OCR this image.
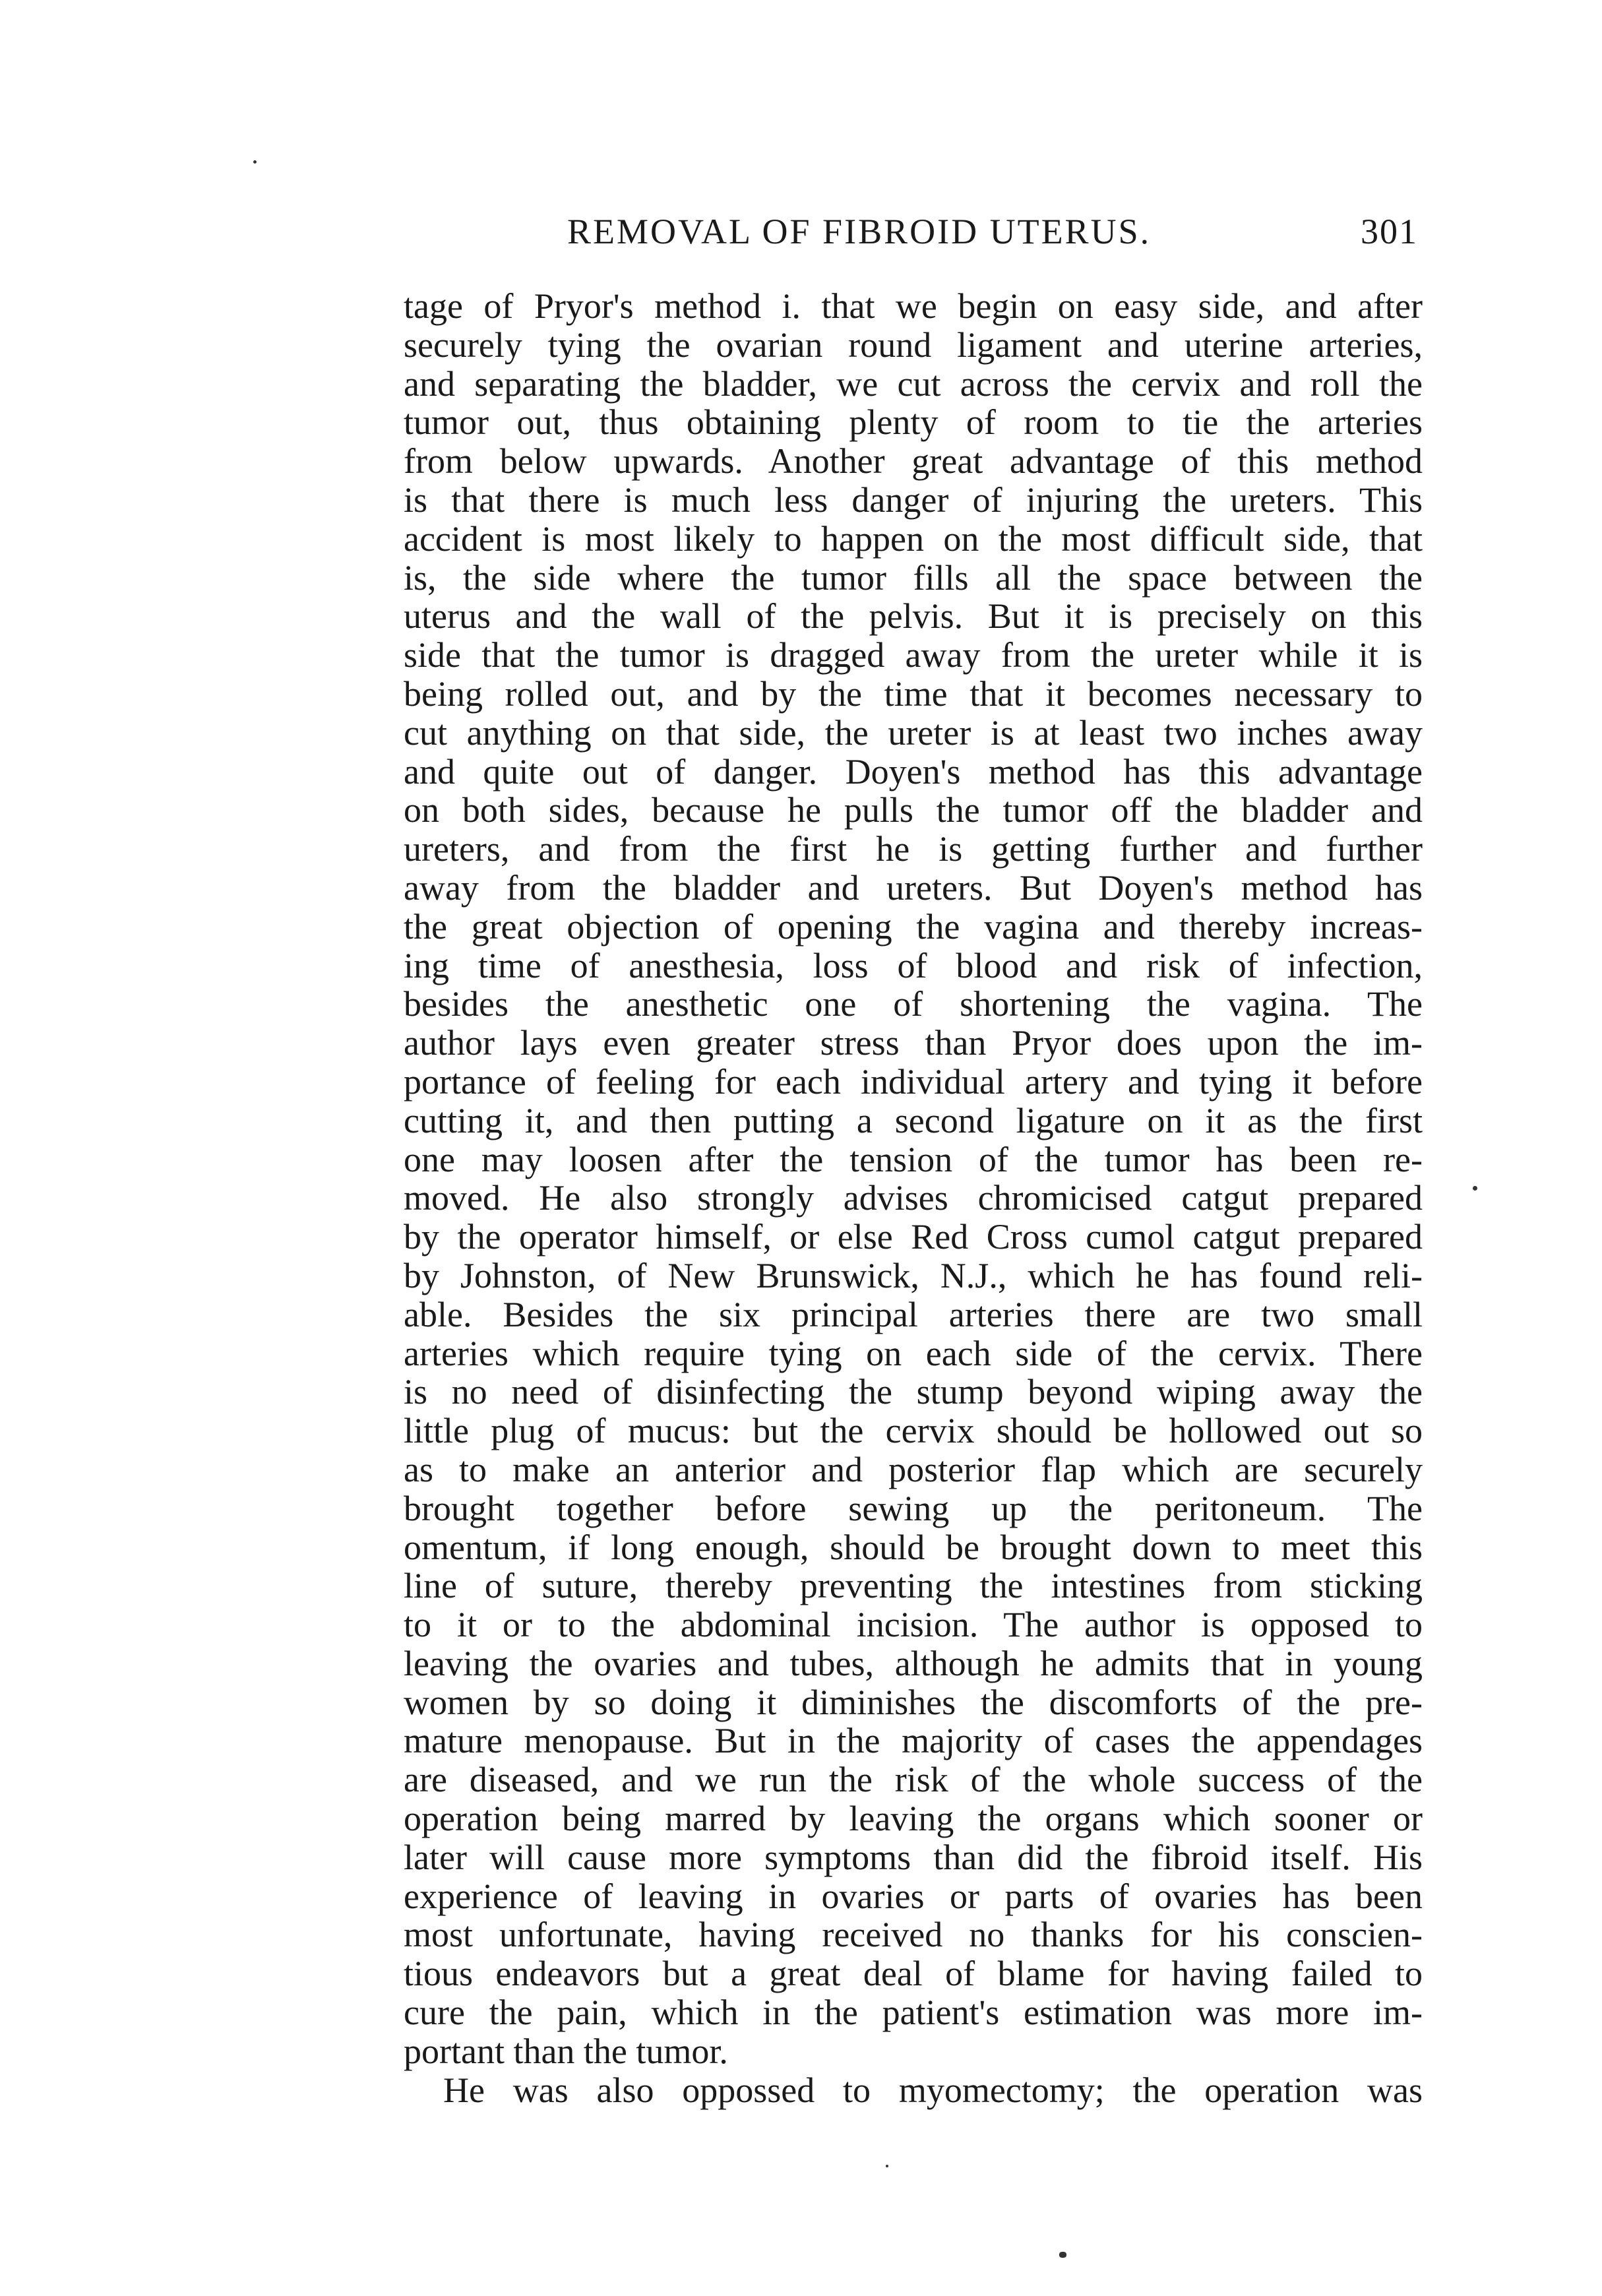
REMOVAL OF FIBROID UTERUS.	301
tage of Pryor's method i. that we begin on easy side, and after
securely tying the ovarian round ligament and uterine arteries,
and separating the bladder, we cut across the cervix and roll the
tumor out, thus obtaining plenty of room to tie the arteries
from below upwards. Another great advantage of this method
is that there is much less danger of injuring the ureters. This
accident is most likely to happen on the most difficult side, that
is, the side where the tumor fills all the space between the
uterus and the wall of the pelvis. But it is precisely on this
side that the tumor is dragged away from the ureter while it is
being rolled out, and by the time that it becomes necessary to
cut anything on that side, the ureter is at least two inches away
and quite out of danger. Doyen's method has this advantage
on both sides, because he pulls the tumor off the bladder and
ureters, and from the first he is getting further and further
away from the bladder and ureters. But Doyen's method has
the great objection of opening the vagina and thereby increas-
ing time of anesthesia, loss of blood and risk of infection,
besides the anesthetic one of shortening the vagina. The
author lays even greater stress than Pryor does upon the im-
portance of feeling for each individual artery and tying it before
cutting it, and then putting a second ligature on it as the first
one may loosen after the tension of the tumor has been re-
moved. He also strongly advises chromicised catgut prepared
by the operator himself, or else Red Cross cumol catgut prepared
by Johnston, of New Brunswick, N.J., which he has found reli-
able. Besides the six principal arteries there are two small
arteries which require tying on each side of the cervix. There
is no need of disinfecting the stump beyond wiping away the
little plug of mucus: but the cervix should be hollowed out so
as to make an anterior and posterior flap which are securely
brought together before sewing up the peritoneum. The
omentum, if long enough, should be brought down to meet this
line of suture, thereby preventing the intestines from sticking
to it or to the abdominal incision. The author is opposed to
leaving the ovaries and tubes, although he admits that in young
women by so doing it diminishes the discomforts of the pre-
mature menopause. But in the majority of cases the appendages
are diseased, and we run the risk of the whole success of the
operation being marred by leaving the organs which sooner or
later will cause more symptoms than did the fibroid itself. His
experience of leaving in ovaries or parts of ovaries has been
most unfortunate, having received no thanks for his conscien-
tious endeavors but a great deal of blame for having failed to
cure the pain, which in the patient's estimation was more im-
portant than the tumor.
He was also oppossed to myomectomy; the operation was
